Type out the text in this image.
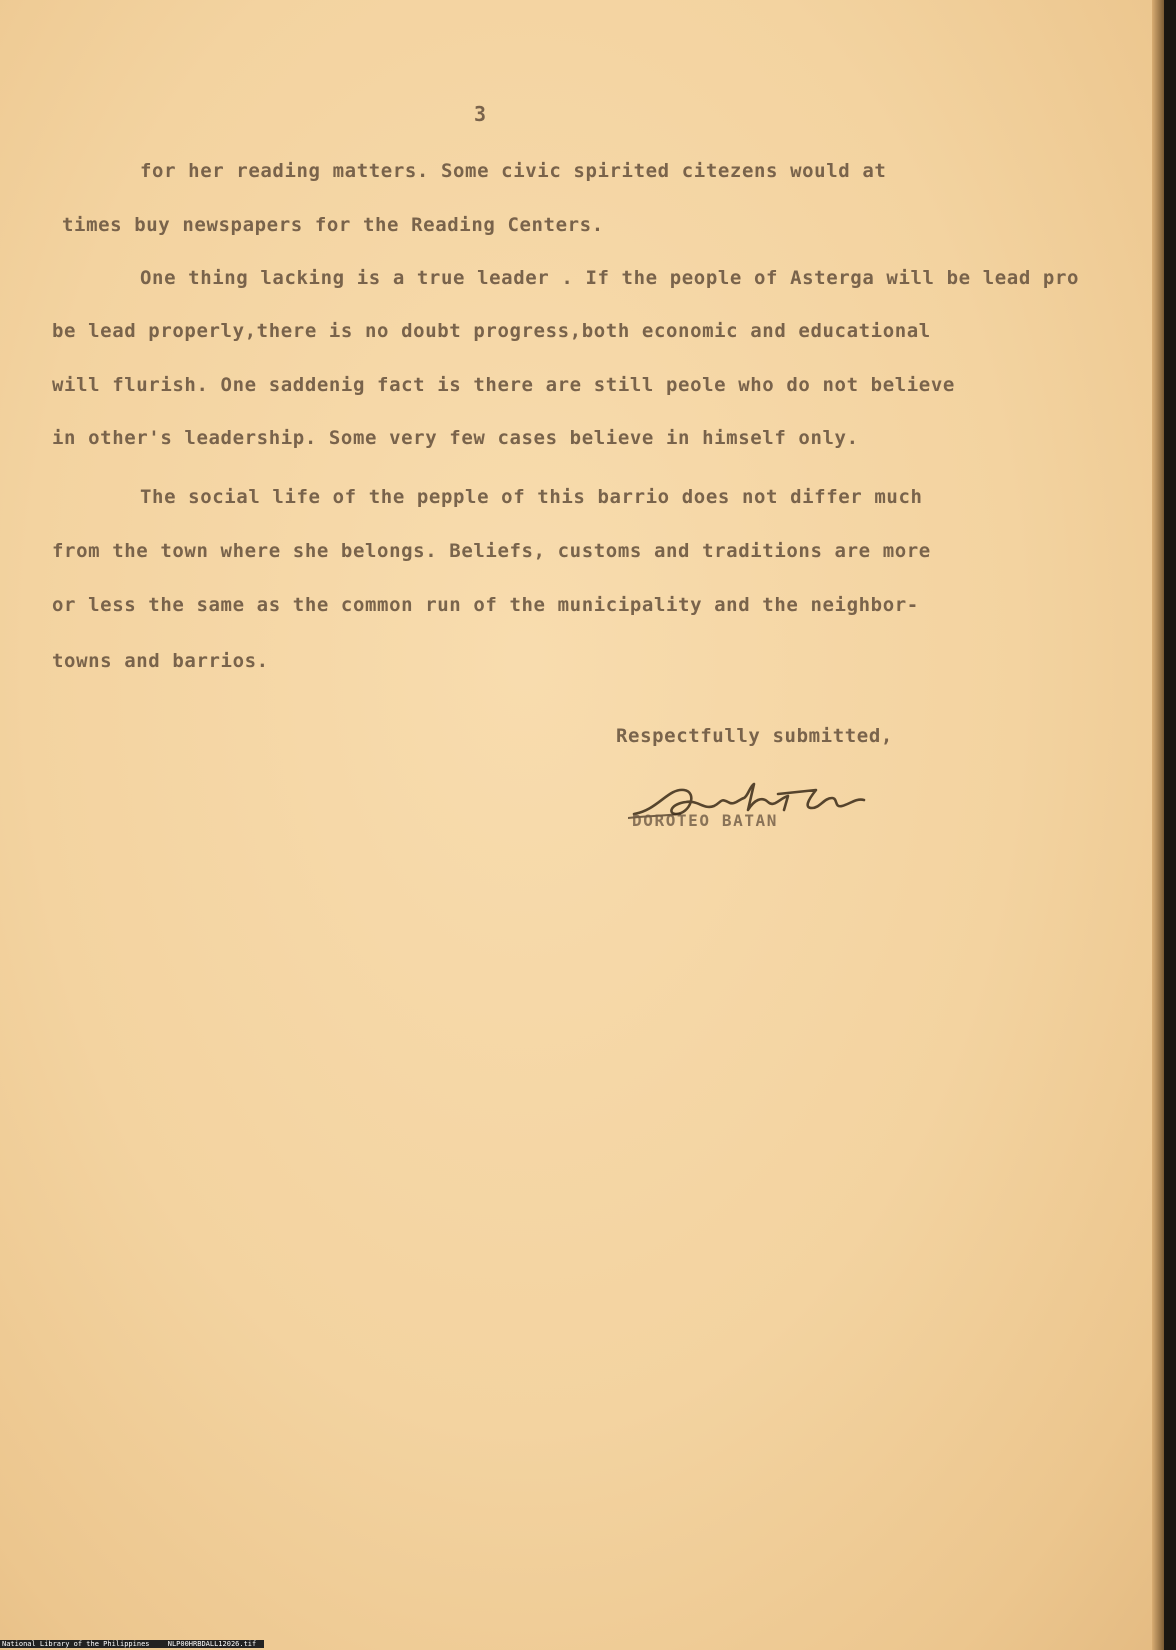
3
for her reading matters. Some civic spirited citezens would at
times buy newspapers for the Reading Centers.
One thing lacking is a true leader . If the people of Asterga will be lead pro
be lead properly,there is no doubt progress,both economic and educational
will flurish. One saddenig fact is there are still peole who do not believe
in other's leadership. Some very few cases believe in himself only.
The social life of the pepple of this barrio does not differ much
from the town where she belongs. Beliefs, customs and traditions are more
or less the same as the common run of the municipality and the neighbor-
towns and barrios.
Respectfully submitted,
DOROTEO BATAN
National Library of the Philippines	NLP00HRBDALL12026.tif
